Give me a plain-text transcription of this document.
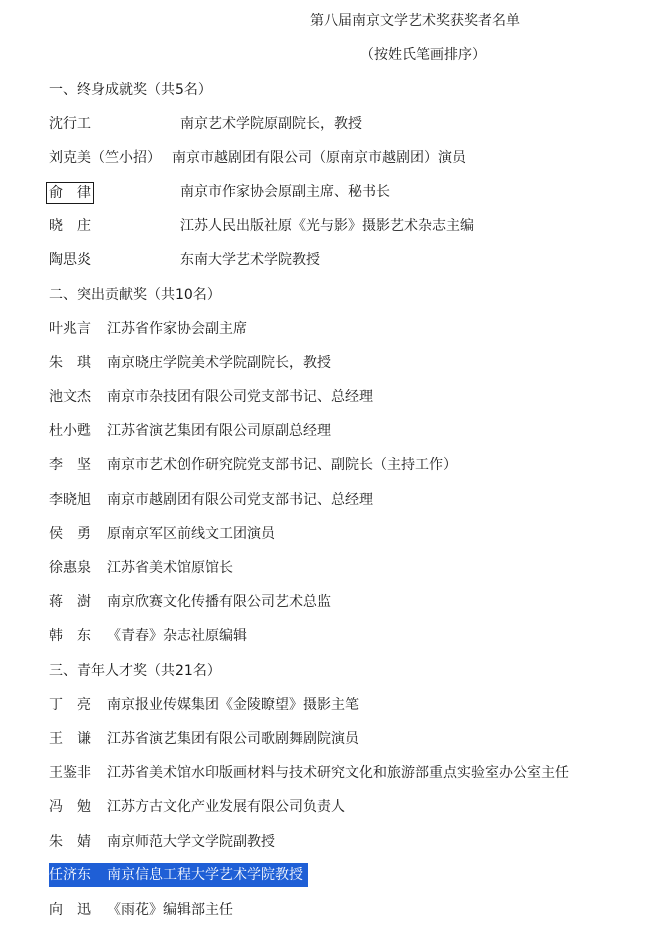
第八届南京文学艺术奖获奖者名单
（按姓氏笔画排序）
一、终身成就奖（共5名）
沈行工	南京艺术学院原副院长，教授
刘克美（竺小招） 南京市越剧团有限公司（原南京市越剧团）演员
俞　律	南京市作家协会原副主席、秘书长
晓　庄	江苏人民出版社原《光与影》摄影艺术杂志主编
陶思炎	东南大学艺术学院教授
二、突出贡献奖（共10名）
叶兆言 江苏省作家协会副主席
朱　琪 南京晓庄学院美术学院副院长，教授
池文杰 南京市杂技团有限公司党支部书记、总经理
杜小甦 江苏省演艺集团有限公司原副总经理
李　坚 南京市艺术创作研究院党支部书记、副院长（主持工作）
李晓旭 南京市越剧团有限公司党支部书记、总经理
侯　勇 原南京军区前线文工团演员
徐惠泉 江苏省美术馆原馆长
蒋　澍 南京欣赛文化传播有限公司艺术总监
韩　东 《青春》杂志社原编辑
三、青年人才奖（共21名）
丁　亮 南京报业传媒集团《金陵瞭望》摄影主笔
王　谦 江苏省演艺集团有限公司歌剧舞剧院演员
王鉴非 江苏省美术馆水印版画材料与技术研究文化和旅游部重点实验室办公室主任
冯　勉 江苏方古文化产业发展有限公司负责人
朱　婧 南京师范大学文学院副教授
任济东 南京信息工程大学艺术学院教授
向　迅 《雨花》编辑部主任
